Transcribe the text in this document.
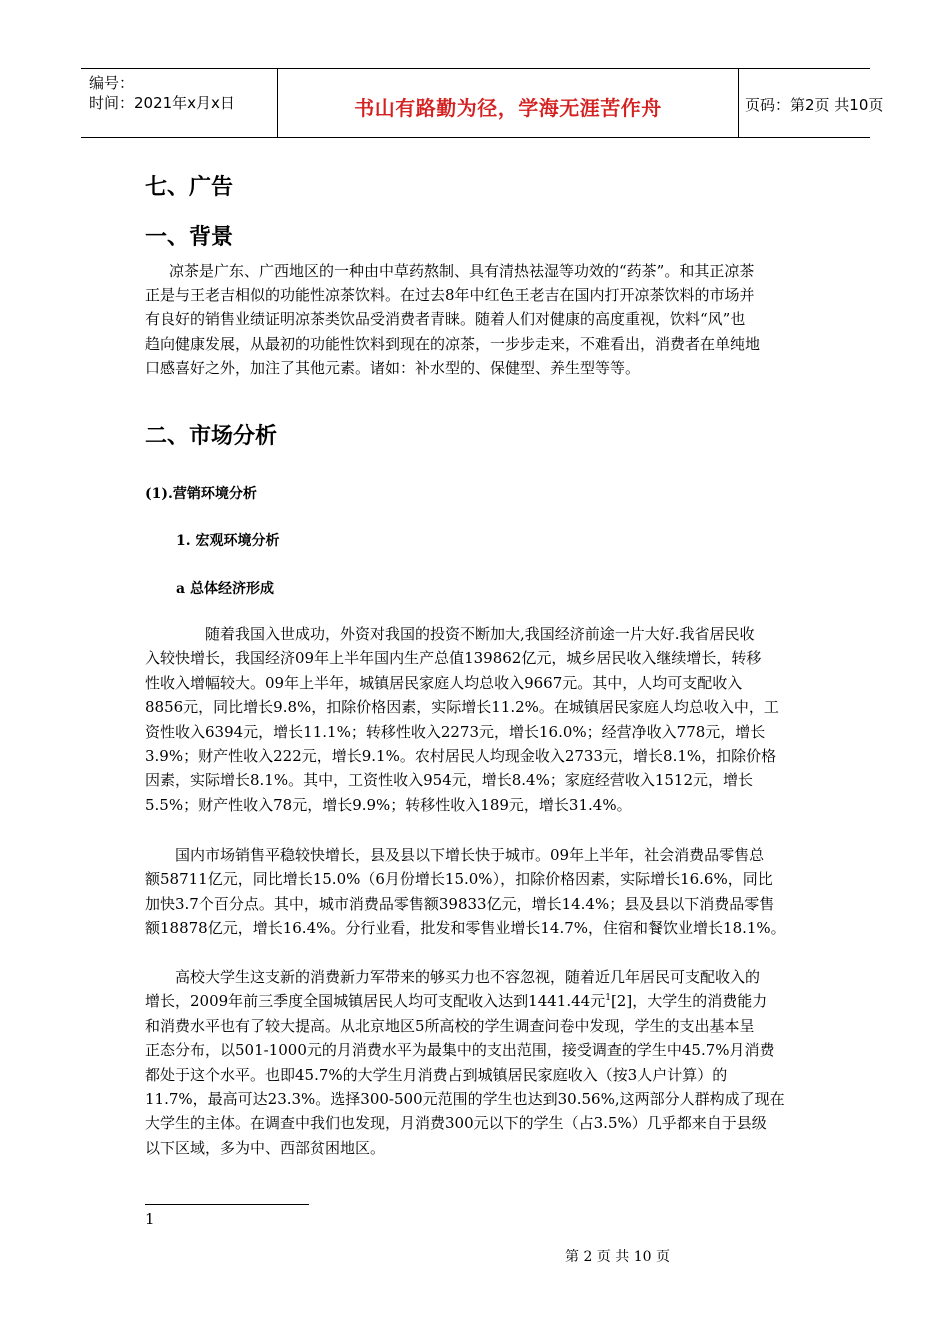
编号：
时间：2021年x月x日	书山有路勤为径，学海无涯苦作舟	页码：第2页 共10页
七、广告
一、背景
凉茶是广东、广西地区的一种由中草药熬制、具有清热祛湿等功效的“药茶”。和其正凉茶
正是与王老吉相似的功能性凉茶饮料。在过去8年中红色王老吉在国内打开凉茶饮料的市场并
有良好的销售业绩证明凉茶类饮品受消费者青睐。随着人们对健康的高度重视，饮料“风”也
趋向健康发展，从最初的功能性饮料到现在的凉茶，一步步走来，不难看出，消费者在单纯地
口感喜好之外，加注了其他元素。诸如：补水型的、保健型、养生型等等。
二、市场分析
(1).营销环境分析
1. 宏观环境分析
a 总体经济形成
随着我国入世成功，外资对我国的投资不断加大,我国经济前途一片大好.我省居民收
入较快增长，我国经济09年上半年国内生产总值139862亿元，城乡居民收入继续增长，转移
性收入增幅较大。09年上半年，城镇居民家庭人均总收入9667元。其中，人均可支配收入
8856元，同比增长9.8%，扣除价格因素，实际增长11.2%。在城镇居民家庭人均总收入中，工
资性收入6394元，增长11.1%；转移性收入2273元，增长16.0%；经营净收入778元，增长
3.9%；财产性收入222元，增长9.1%。农村居民人均现金收入2733元，增长8.1%，扣除价格
因素，实际增长8.1%。其中，工资性收入954元，增长8.4%；家庭经营收入1512元，增长
5.5%；财产性收入78元，增长9.9%；转移性收入189元，增长31.4%。
国内市场销售平稳较快增长，县及县以下增长快于城市。09年上半年，社会消费品零售总
额58711亿元，同比增长15.0%（6月份增长15.0%），扣除价格因素，实际增长16.6%，同比
加快3.7个百分点。其中，城市消费品零售额39833亿元，增长14.4%；县及县以下消费品零售
额18878亿元，增长16.4%。分行业看，批发和零售业增长14.7%，住宿和餐饮业增长18.1%。
高校大学生这支新的消费新力军带来的够买力也不容忽视，随着近几年居民可支配收入的
增长，2009年前三季度全国城镇居民人均可支配收入达到1441.44元$^1$[2]，大学生的消费能力
和消费水平也有了较大提高。从北京地区5所高校的学生调查问卷中发现，学生的支出基本呈
正态分布，以501-1000元的月消费水平为最集中的支出范围，接受调查的学生中45.7%月消费
都处于这个水平。也即45.7%的大学生月消费占到城镇居民家庭收入（按3人户计算）的
11.7%，最高可达23.3%。选择300-500元范围的学生也达到30.56%,这两部分人群构成了现在
大学生的主体。在调查中我们也发现，月消费300元以下的学生（占3.5%）几乎都来自于县级
以下区域，多为中、西部贫困地区。
1
第 2 页 共 10 页
